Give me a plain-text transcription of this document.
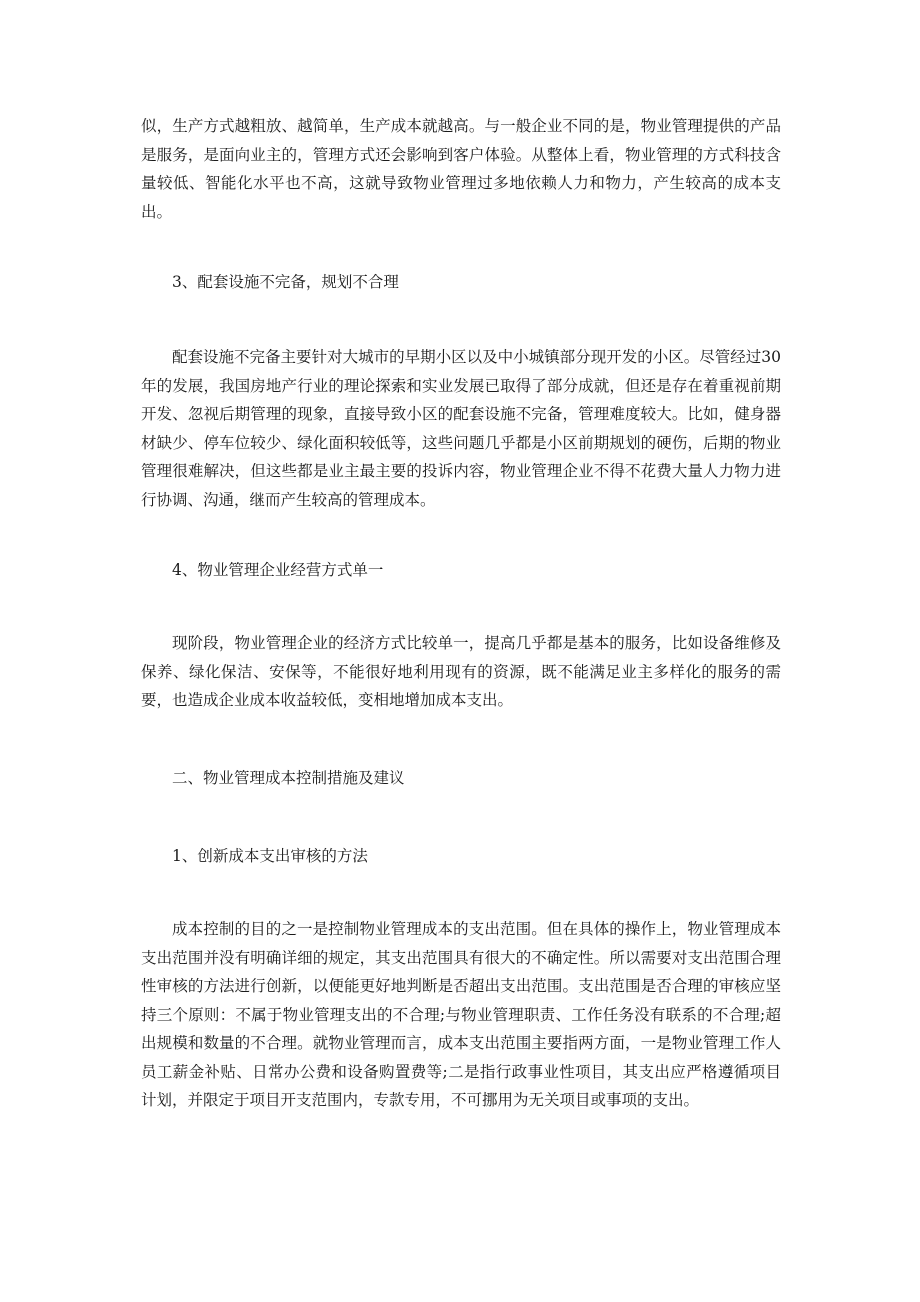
似，生产方式越粗放、越简单，生产成本就越高。与一般企业不同的是，物业管理提供的产品是服务，是面向业主的，管理方式还会影响到客户体验。从整体上看，物业管理的方式科技含量较低、智能化水平也不高，这就导致物业管理过多地依赖人力和物力，产生较高的成本支出。

3、配套设施不完备，规划不合理

配套设施不完备主要针对大城市的早期小区以及中小城镇部分现开发的小区。尽管经过30年的发展，我国房地产行业的理论探索和实业发展已取得了部分成就，但还是存在着重视前期开发、忽视后期管理的现象，直接导致小区的配套设施不完备，管理难度较大。比如，健身器材缺少、停车位较少、绿化面积较低等，这些问题几乎都是小区前期规划的硬伤，后期的物业管理很难解决，但这些都是业主最主要的投诉内容，物业管理企业不得不花费大量人力物力进行协调、沟通，继而产生较高的管理成本。

4、物业管理企业经营方式单一

现阶段，物业管理企业的经济方式比较单一，提高几乎都是基本的服务，比如设备维修及保养、绿化保洁、安保等，不能很好地利用现有的资源，既不能满足业主多样化的服务的需要，也造成企业成本收益较低，变相地增加成本支出。

二、物业管理成本控制措施及建议

1、创新成本支出审核的方法

成本控制的目的之一是控制物业管理成本的支出范围。但在具体的操作上，物业管理成本支出范围并没有明确详细的规定，其支出范围具有很大的不确定性。所以需要对支出范围合理性审核的方法进行创新，以便能更好地判断是否超出支出范围。支出范围是否合理的审核应坚持三个原则：不属于物业管理支出的不合理;与物业管理职责、工作任务没有联系的不合理;超出规模和数量的不合理。就物业管理而言，成本支出范围主要指两方面，一是物业管理工作人员工薪金补贴、日常办公费和设备购置费等;二是指行政事业性项目，其支出应严格遵循项目计划，并限定于项目开支范围内，专款专用，不可挪用为无关项目或事项的支出。
